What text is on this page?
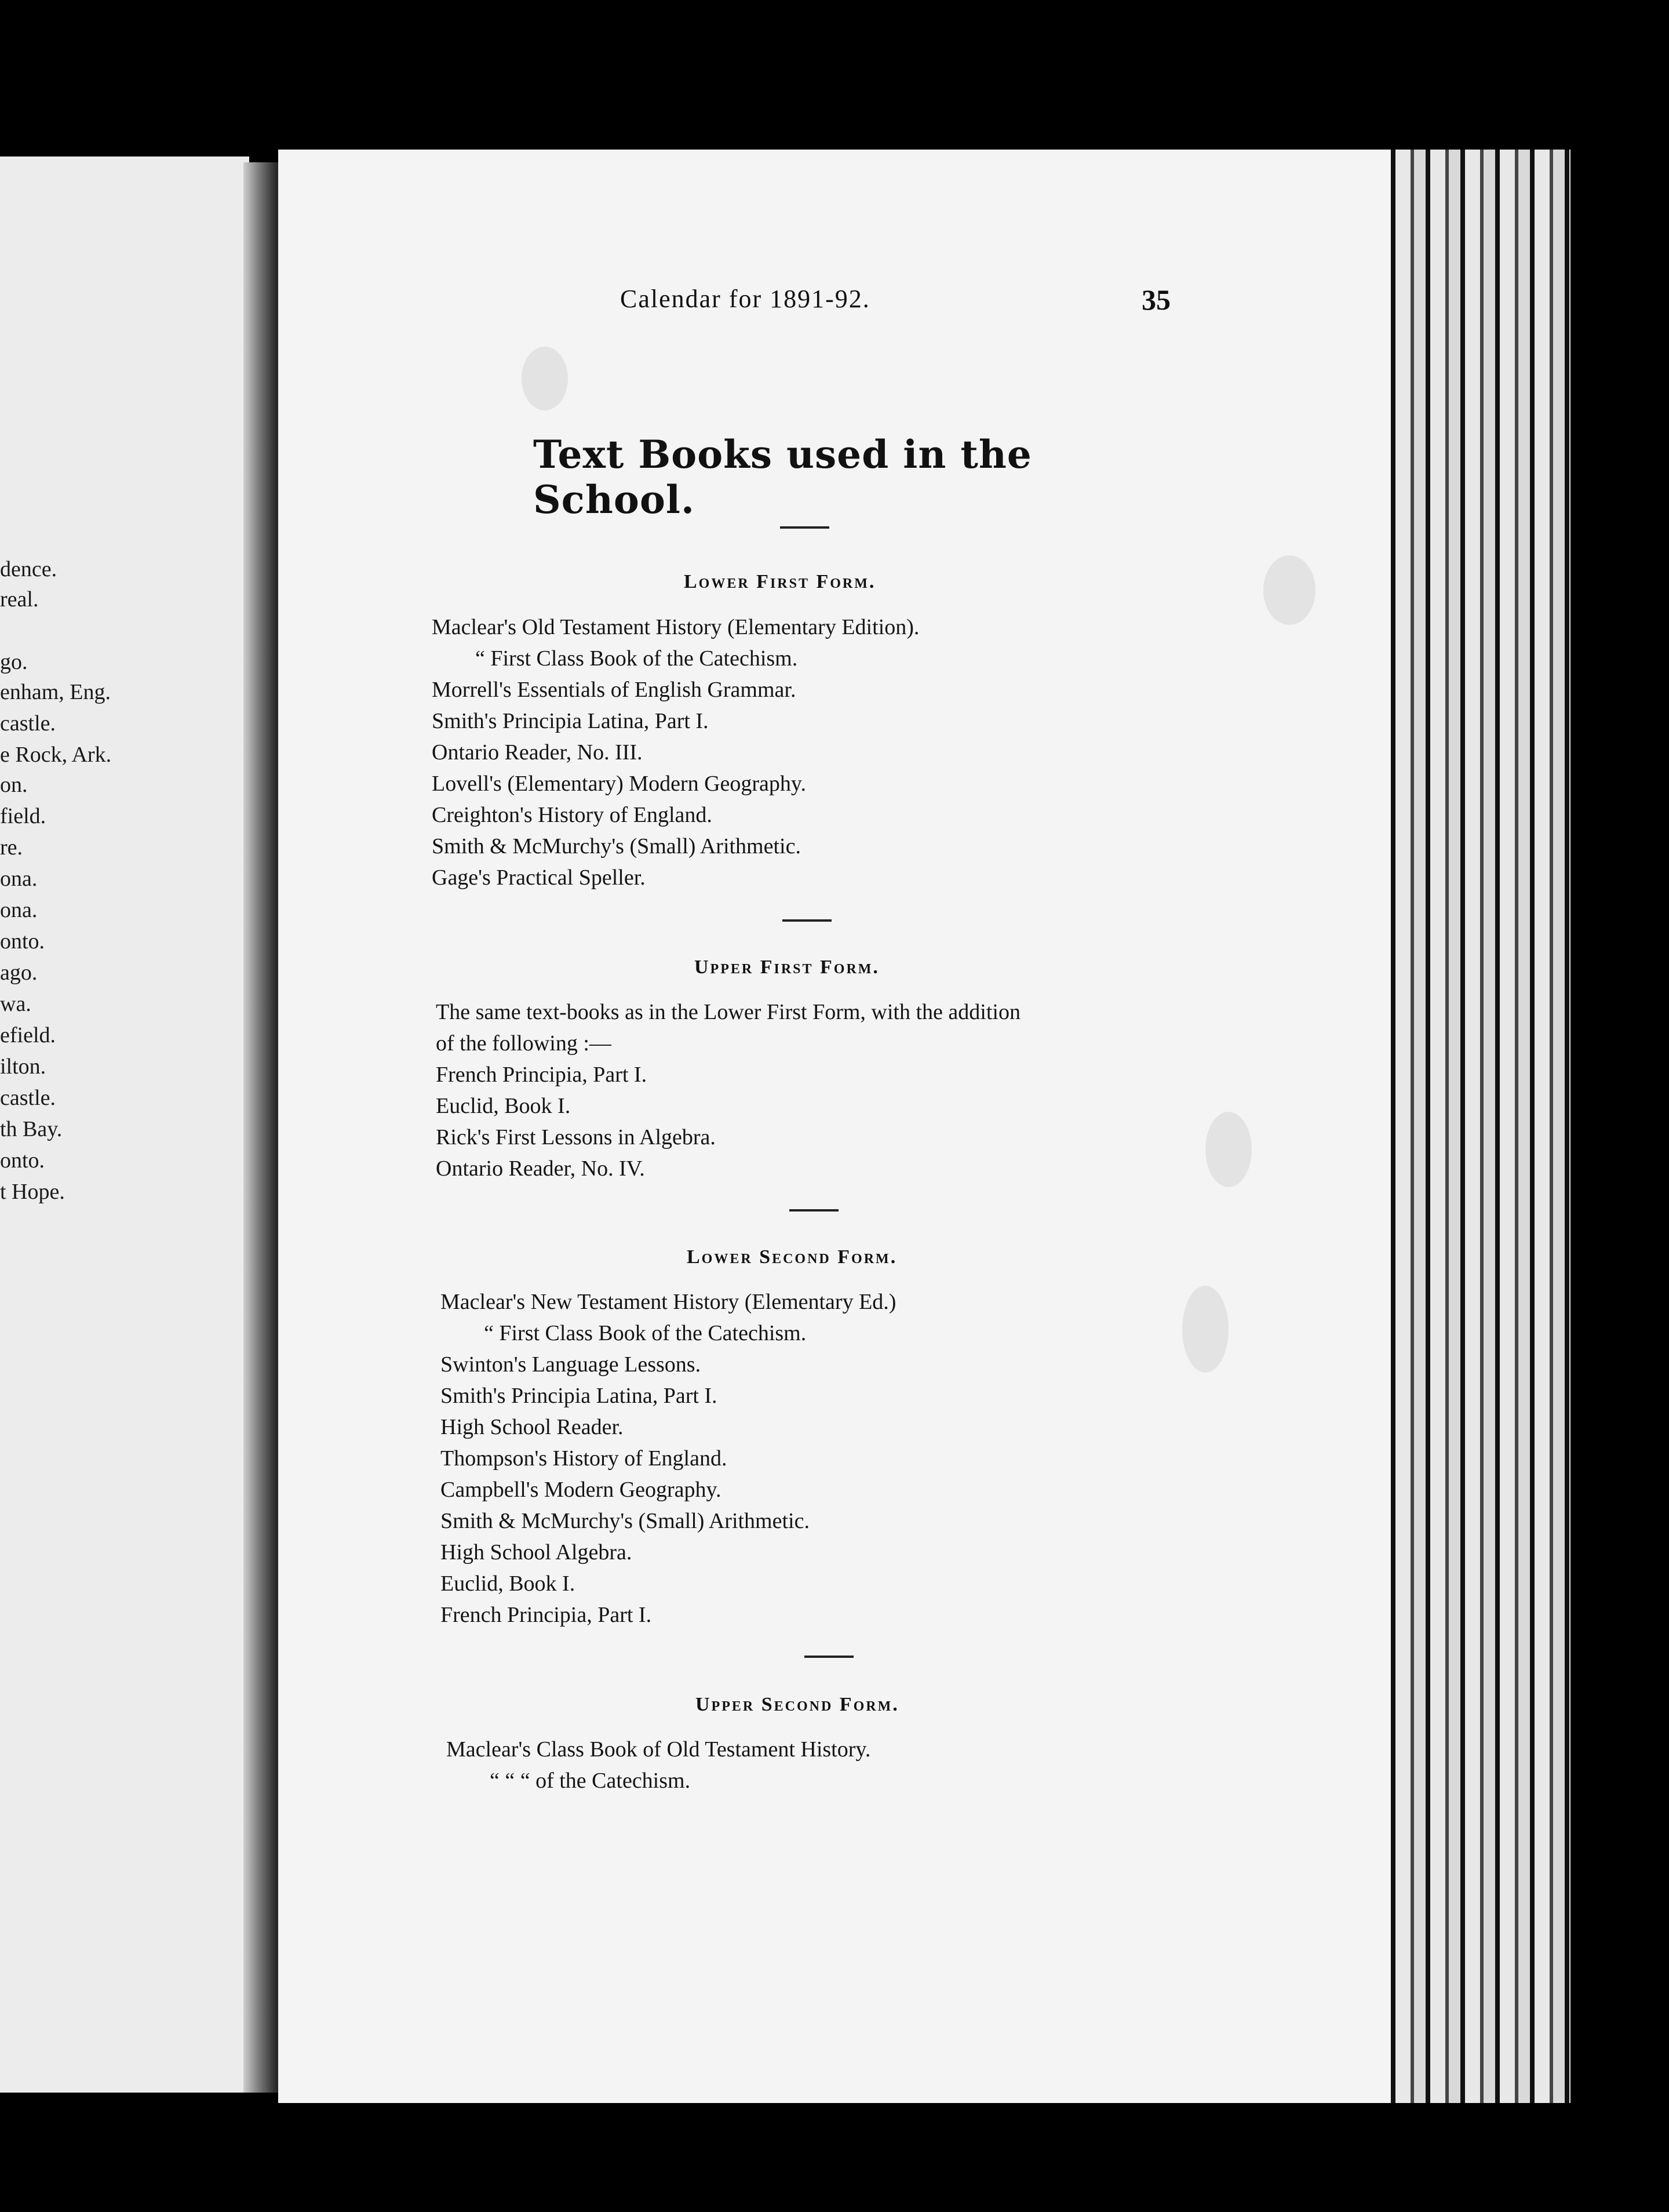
dence.
real.
go.
enham, Eng.
castle.
e Rock, Ark.
on.
field.
re.
ona.
ona.
onto.
ago.
wa.
efield.
ilton.
castle.
th Bay.
onto.
t Hope.
Calendar for 1891-92.	35
Text Books used in the School.
Lower First Form.
Maclear's Old Testament History (Elementary Edition).
“ First Class Book of the Catechism.
Morrell's Essentials of English Grammar.
Smith's Principia Latina, Part I.
Ontario Reader, No. III.
Lovell's (Elementary) Modern Geography.
Creighton's History of England.
Smith & McMurchy's (Small) Arithmetic.
Gage's Practical Speller.
Upper First Form.
The same text-books as in the Lower First Form, with the addition
of the following :—
French Principia, Part I.
Euclid, Book I.
Rick's First Lessons in Algebra.
Ontario Reader, No. IV.
Lower Second Form.
Maclear's New Testament History (Elementary Ed.)
“ First Class Book of the Catechism.
Swinton's Language Lessons.
Smith's Principia Latina, Part I.
High School Reader.
Thompson's History of England.
Campbell's Modern Geography.
Smith & McMurchy's (Small) Arithmetic.
High School Algebra.
Euclid, Book I.
French Principia, Part I.
Upper Second Form.
Maclear's Class Book of Old Testament History.
“ “ “ of the Catechism.
